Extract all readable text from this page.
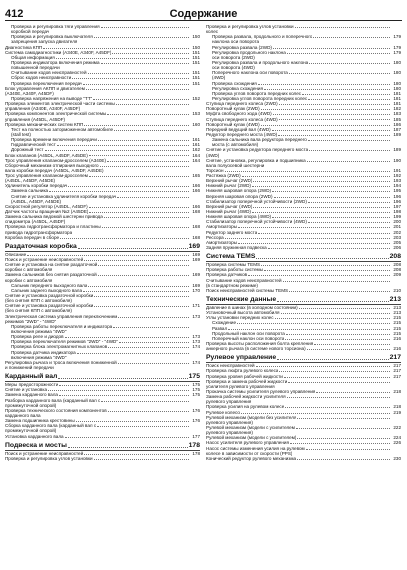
412	Содержание
Проверка и регулировка тяги управления
коробкой передач
Проверка и регулировка выключателя	150
запрещения запуска двигателя
Диагностика КПП	150
Система самодиагностики (A340E, A340F, A45DF)	151
Общая информация	151
Проверка индикатора включения режима	151
повышенной передачи
Считывание кодов неисправностей	151
Сброс кодов неисправности	151
Проверка переключения передач	151
Блок управления АКПП и двигателем
(A340E, A340F, A45DF)
Проверка напряжения на выводе "TT"	152
Проверка элементов электрической части системы
управления (A340E, A340F, A45DF)
Проверка компонентов электрической системы	153
управления (A45DL, A45DF)
Проверка механических систем КПП	160
Тест на полностью заторможенном автомобиле
(stall test)
Проверка времени включения передачи	161
Гидравлический тест	161
Дорожный тест	162
Блок клапанов (A45DL, A45DF, A45DE)	164
Трос управления клапаном-дросселем (A340E)	164
Сборочный механизм отпирания выходного
вала коробки передач (A45DL, A45DF, A45DE)
Трос управления клапаном-дросселем	165
(A45DL, A45DF, A45DE)
Удлинитель коробки передач	166
Замена сальника	166
Снятие и установка удлинителя коробки передач
(A45DL, A45DF, A45DE)
Скоростной регулятор (A45DL, A45DF)	166
Датчик частоты вращения №2 (A45DE)	168
Замена сальника ведомой шестерни привода
спидометра (A45DL, A45DF)
Проверка гидротрансформатора и пластины	168
привода гидротрансформатора
Коробка передач в сборе	168
Раздаточная коробка	169
Описание	169
Поиск и устранение неисправностей	169
Снятие и установка на снятие раздаточной
коробки с автомобиля
Замена сальников без снятия раздаточной	169
коробки с автомобиля
Сальник переднего выходного вала	169
Сальник заднего выходного вала	170
Снятие и установка раздаточной коробки
(без снятия КПП с автомобиля)
Снятие и установка раздаточной коробки	171
(без снятия КПП с автомобиля)
Электрическая система управления переключением	173
режимов "2WD" - "4WD"
Проверка работы переключателя и индикатора
включения режима "4WD"
Проверка реле и диодов	173
Проверка переключателя режимов "2WD" - "4WD"	173
Проверка блока электромагнитных клапанов	174
Проверка датчика индикатора
включения режима "4WD"
Регулировка рычага и троса включения пониженной	174
и понижений передачи
Карданный вал	175
Меры предосторожности	175
Снятие и установка	175
Замена карданного вала	175
Разборка карданного вала (карданный вал с
промежуточной опорой)
Проверка технического состояния компонентов	176
карданного вала
Замена подшипника крестовины	176
Сборка карданного вала (карданный вал с
промежуточной опорой)
Установка карданного вала	177
Подвеска и мосты	178
Поиск и устранение неисправностей	178
Проверка и регулировка углов установки
Проверка и регулировка углов установки
колес
Проверка развала, продольного и поперечного	179
наклона оси поворота
Регулировка развала (2WD)	179
Регулировка продольного наклона	179
оси поворота (2WD)
Регулировка развала и продольного наклона	180
оси поворота (4WD)
Поперечного наклона оси поворота	180
(4WD)
Проверка схождения	180
Регулировка схождения	180
Проверка углов поворота передних колес	181
Регулировка углов поворота передних колес	181
Ступица переднего колеса (2WD)	181
Поворотный кулак (2WD)	182
Муфта свободного хода (4WD)	183
Ступица переднего колеса (4WD)	185
Поворотный кулак (4WD)	186
Передний ведущий вал (4WD)	187
Редуктор переднего моста (4WD)	189
Замена сальника вала редуктора переднего
моста (с автомобиля)
Снятие и установка редуктора переднего моста	189
(4WD)
Снятие, установка, регулировка и подшипника	190
вала полуосевой шестерни
Торсион	191
Растяжка (2WD)	192
Верхний рычаг (2WD)	193
Нижний рычаг (2WD)	194
Нижняя шаровая опора (2WD)	195
Верхняя шаровая опора (2WD)	196
Стабилизатор поперечной устойчивости (2WD)	196
Верхний рычаг (4WD)	197
Нижний рычаг (4WD)	198
Нижняя шаровая опора (4WD)	199
Стабилизатор поперечной устойчивости (4WD)	200
Амортизаторы	201
Редуктор заднего моста	202
Рессора	203
Амортизаторы	205
Задняя пружинная подвеска	206
Система TEMS	208
Проверка системы TEMS	208
Проверка работы системы	208
Проверка датчиков	209
Считывание кодов неисправностей
(в стандартном режиме)
Поиск неисправностей системы TEMS	210
Технические данные	213
Давление в шинах (в холодном состоянии)	213
Установочный высота автомобиля	213
Углы установки передних колес	215
Схождение	215
Развал	215
Продольный наклон оси поворота	215
Поперечный наклон оси поворота	216
Проверка высоты расположения болта крепления
анкерного рычага (в системе нового торсиона)	216
Рулевое управление	217
Поиск неисправностей	217
Проверка люфта рулевого колеса	217
Проверка уровня рабочей жидкости	217
Проверка и замена рабочей жидкости
усилителя рулевого управления
Прокачка системы усилителя рулевого управления	218
Замена рабочей жидкости усилителя
рулевого управления
Проверка усилия на рулевом колесе	218
Рулевое колесо	219
Рулевой механизм (модели без усилителя
рулевого управления)
Рулевой механизм (модели с усилителем	222
рулевого управления)
Рулевой механизм (модели с усилителем)	224
Насос усилителя рулевого управления	226
Насос системы изменения усилия на рулевом
колесе в зависимости от скорости (PPS)
Конический редуктор рулевого механизма	230
